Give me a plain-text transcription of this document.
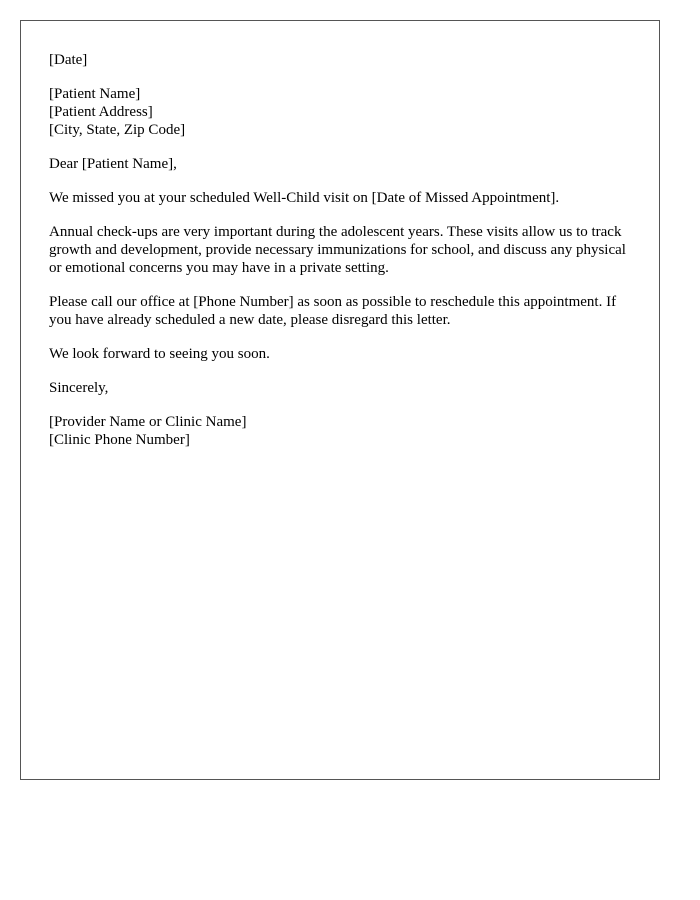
[Date]
[Patient Name]
[Patient Address]
[City, State, Zip Code]
Dear [Patient Name],

We missed you at your scheduled Well-Child visit on [Date of Missed Appointment].

Annual check-ups are very important during the adolescent years. These visits allow us to track growth and development, provide necessary immunizations for school, and discuss any physical or emotional concerns you may have in a private setting.

Please call our office at [Phone Number] as soon as possible to reschedule this appointment. If you have already scheduled a new date, please disregard this letter.

We look forward to seeing you soon.

Sincerely,
[Provider Name or Clinic Name]
[Clinic Phone Number]
